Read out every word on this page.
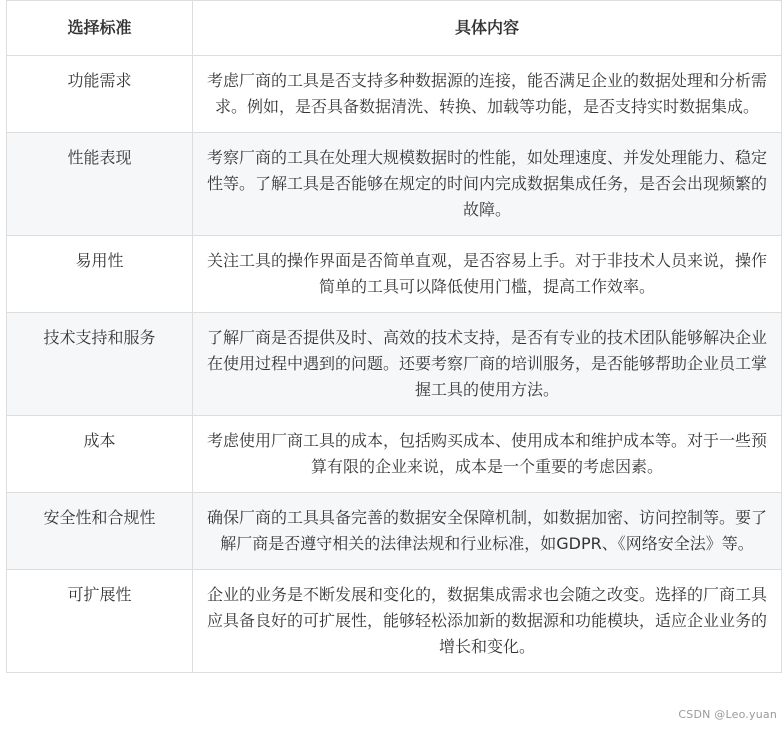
选择标准	具体内容
功能需求	考虑厂商的工具是否支持多种数据源的连接，能否满足企业的数据处理和分析需求。例如，是否具备数据清洗、转换、加载等功能，是否支持实时数据集成。
性能表现	考察厂商的工具在处理大规模数据时的性能，如处理速度、并发处理能力、稳定性等。了解工具是否能够在规定的时间内完成数据集成任务，是否会出现频繁的故障。
易用性	关注工具的操作界面是否简单直观，是否容易上手。对于非技术人员来说，操作简单的工具可以降低使用门槛，提高工作效率。
技术支持和服务	了解厂商是否提供及时、高效的技术支持，是否有专业的技术团队能够解决企业在使用过程中遇到的问题。还要考察厂商的培训服务，是否能够帮助企业员工掌握工具的使用方法。
成本	考虑使用厂商工具的成本，包括购买成本、使用成本和维护成本等。对于一些预算有限的企业来说，成本是一个重要的考虑因素。
安全性和合规性	确保厂商的工具具备完善的数据安全保障机制，如数据加密、访问控制等。要了解厂商是否遵守相关的法律法规和行业标准，如GDPR、《网络安全法》等。
可扩展性	企业的业务是不断发展和变化的，数据集成需求也会随之改变。选择的厂商工具应具备良好的可扩展性，能够轻松添加新的数据源和功能模块，适应企业业务的增长和变化。
CSDN @Leo.yuan
